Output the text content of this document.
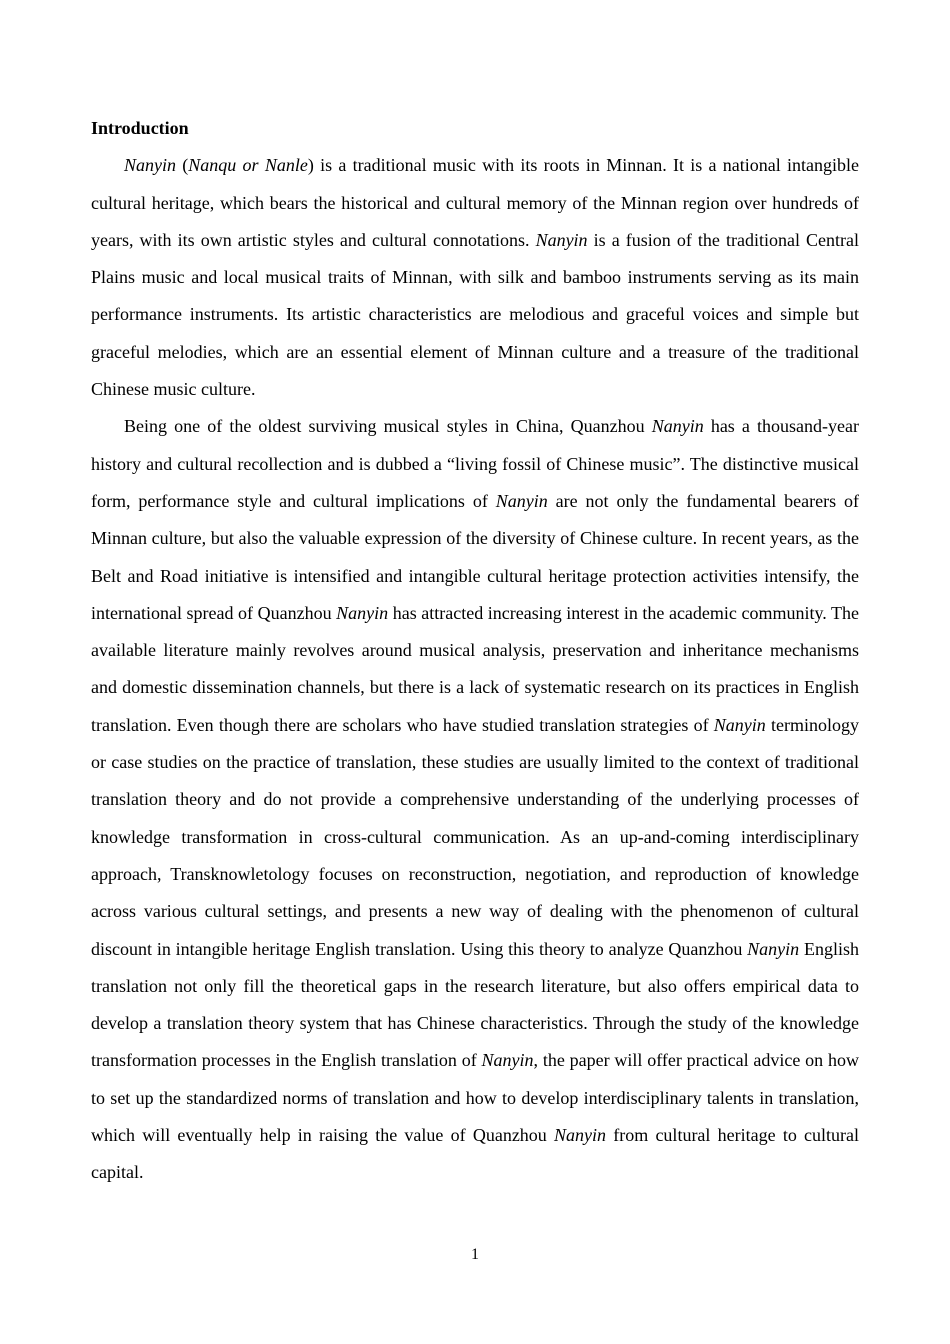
Introduction

Nanyin (Nanqu or Nanle) is a traditional music with its roots in Minnan. It is a national intangible cultural heritage, which bears the historical and cultural memory of the Minnan region over hundreds of years, with its own artistic styles and cultural connotations. Nanyin is a fusion of the traditional Central Plains music and local musical traits of Minnan, with silk and bamboo instruments serving as its main performance instruments. Its artistic characteristics are melodious and graceful voices and simple but graceful melodies, which are an essential element of Minnan culture and a treasure of the traditional Chinese music culture.

Being one of the oldest surviving musical styles in China, Quanzhou Nanyin has a thousand-year history and cultural recollection and is dubbed a “living fossil of Chinese music”. The distinctive musical form, performance style and cultural implications of Nanyin are not only the fundamental bearers of Minnan culture, but also the valuable expression of the diversity of Chinese culture. In recent years, as the Belt and Road initiative is intensified and intangible cultural heritage protection activities intensify, the international spread of Quanzhou Nanyin has attracted increasing interest in the academic community. The available literature mainly revolves around musical analysis, preservation and inheritance mechanisms and domestic dissemination channels, but there is a lack of systematic research on its practices in English translation. Even though there are scholars who have studied translation strategies of Nanyin terminology or case studies on the practice of translation, these studies are usually limited to the context of traditional translation theory and do not provide a comprehensive understanding of the underlying processes of knowledge transformation in cross-cultural communication. As an up-and-coming interdisciplinary approach, Transknowletology focuses on reconstruction, negotiation, and reproduction of knowledge across various cultural settings, and presents a new way of dealing with the phenomenon of cultural discount in intangible heritage English translation. Using this theory to analyze Quanzhou Nanyin English translation not only fill the theoretical gaps in the research literature, but also offers empirical data to develop a translation theory system that has Chinese characteristics. Through the study of the knowledge transformation processes in the English translation of Nanyin, the paper will offer practical advice on how to set up the standardized norms of translation and how to develop interdisciplinary talents in translation, which will eventually help in raising the value of Quanzhou Nanyin from cultural heritage to cultural capital.

1
